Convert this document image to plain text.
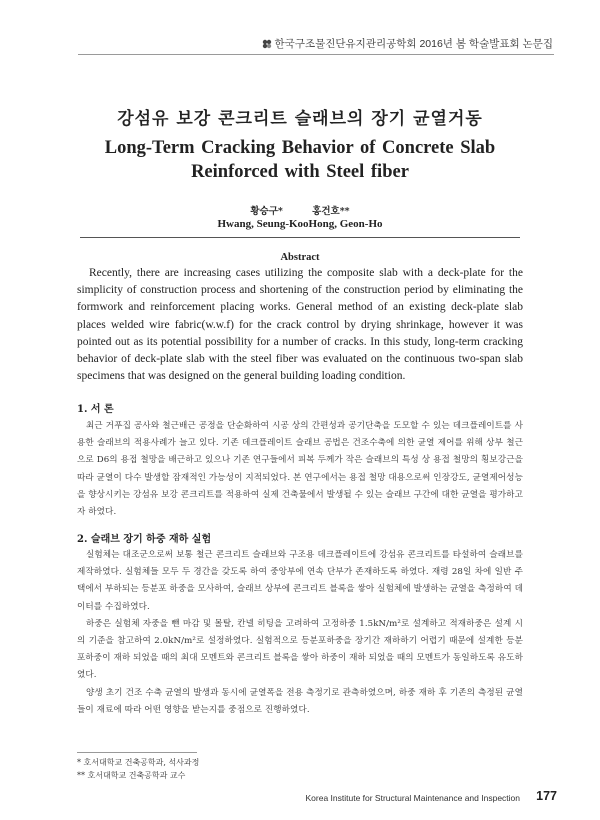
한국구조물진단유지관리공학회 2016년 봄 학술발표회 논문집
강섬유 보강 콘크리트 슬래브의 장기 균열거동
Long-Term Cracking Behavior of Concrete Slab Reinforced with Steel fiber
황승구*	홍건호**
Hwang, Seung-KooHong, Geon-Ho
Abstract
Recently, there are increasing cases utilizing the composite slab with a deck-plate for the simplicity of construction process and shortening of the construction period by eliminating the formwork and reinforcement placing works. General method of an existing deck-plate slab places welded wire fabric(w.w.f) for the crack control by drying shrinkage, however it was pointed out as its potential possibility for a number of cracks. In this study, long-term cracking behavior of deck-plate slab with the steel fiber was evaluated on the continuous two-span slab specimens that was designed on the general building loading condition.
1. 서 론

최근 거푸집 공사와 철근배근 공정을 단순화하여 시공 상의 간편성과 공기단축을 도모할 수 있는 데크플레이트를 사용한 슬래브의 적용사례가 늘고 있다. 기존 데크플레이트 슬래브 공법은 건조수축에 의한 균열 제어를 위해 상부 철근으로 D6의 용접 철망을 배근하고 있으나 기존 연구들에서 피복 두께가 작은 슬래브의 특성 상 용접 철망의 횡보강근을 따라 균열이 다수 발생할 잠재적인 가능성이 지적되었다. 본 연구에서는 용접 철망 대용으로써 인장강도, 균열제어성능을 향상시키는 강섬유 보강 콘크리트를 적용하여 실제 건축물에서 발생될 수 있는 슬래브 구간에 대한 균열을 평가하고자 하였다.

2. 슬래브 장기 하중 재하 실험

실험체는 대조군으로써 보통 철근 콘크리트 슬래브와 구조용 데크플레이트에 강섬유 콘크리트를 타설하여 슬래브를 제작하였다. 실험체들 모두 두 경간을 갖도록 하여 중앙부에 연속 단부가 존재하도록 하였다. 재령 28일 차에 일반 주택에서 부하되는 등분포 하중을 모사하여, 슬래브 상부에 콘크리트 블록을 쌓아 실험체에 발생하는 균열을 측정하여 데이터를 수집하였다.

하중은 실험체 자중을 뺀 마감 및 몰탈, 칸넬 히팅을 고려하여 고정하중 1.5kN/m²로 설계하고 적재하중은 설계 시의 기준을 참고하여 2.0kN/m²로 설정하였다. 실험적으로 등분포하중을 장기간 재하하기 어렵기 때문에 설계한 등분포하중이 재하 되었을 때의 최대 모멘트와 콘크리트 블록을 쌓아 하중이 재하 되었을 때의 모멘트가 동일하도록 유도하였다.

양생 초기 건조 수축 균열의 발생과 동시에 균열폭을 전용 측정기로 관측하였으며, 하중 재하 후 기존의 측정된 균열들이 재료에 따라 어떤 영향을 받는지를 중점으로 진행하였다.

* 호서대학교 건축공학과, 석사과정
** 호서대학교 건축공학과 교수
Korea Institute for Structural Maintenance and Inspection 177
